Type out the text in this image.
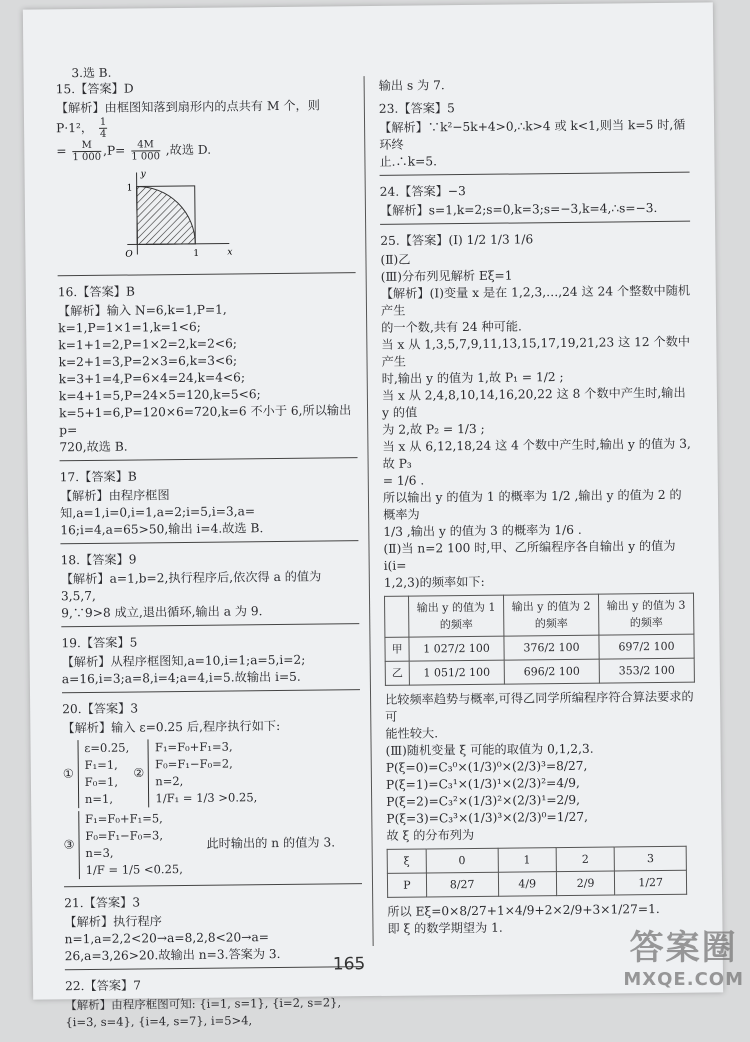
3.选 B.
15.【答案】D

【解析】由框图知落到扇形内的点共有 M 个，则 P·1²， $\frac{1}{4}$

= $\frac{M}{1 000} ,P= \frac{4M}{1 000}$ ,故选 D.

y
x
O
1
1
16.【答案】B

【解析】输入 N=6,k=1,P=1,

k=1,P=1×1=1,k=1<6;

k=1+1=2,P=1×2=2,k=2<6;

k=2+1=3,P=2×3=6,k=3<6;

k=3+1=4,P=6×4=24,k=4<6;

k=4+1=5,P=24×5=120,k=5<6;

k=5+1=6,P=120×6=720,k=6 不小于 6,所以输出 p=

720,故选 B.

17.【答案】B

【解析】由程序框图知,a=1,i=0,i=1,a=2;i=5,i=3,a=

16;i=4,a=65>50,输出 i=4.故选 B.

18.【答案】9

【解析】a=1,b=2,执行程序后,依次得 a 的值为 3,5,7,

9,∵9>8 成立,退出循环,输出 a 为 9.

19.【答案】5

【解析】从程序框图知,a=10,i=1;a=5,i=2;

a=16,i=3;a=8,i=4;a=4,i=5.故输出 i=5.

20.【答案】3

【解析】输入 ε=0.25 后,程序执行如下:

①
ε=0.25,
F₁=1,
F₀=1,
n=1,
②
F₁=F₀+F₁=3,
F₀=F₁−F₀=2,
n=2,
1/F₁ = 1/3 >0.25,
③
F₁=F₀+F₁=5,
F₀=F₁−F₀=3,
n=3,
1/F = 1/5 <0.25,
此时输出的 n 的值为 3.
21.【答案】3

【解析】执行程序 n=1,a=2,2<20→a=8,2,8<20→a=

26,a=3,26>20.故输出 n=3.答案为 3.

22.【答案】7

【解析】由程序框图可知: {i=1, s=1}, {i=2, s=2}, {i=3, s=4}, {i=4, s=7}, i=5>4,

输出 s 为 7.

23.【答案】5

【解析】∵k²−5k+4>0,∴k>4 或 k<1,则当 k=5 时,循环终

止.∴k=5.

24.【答案】−3

【解析】s=1,k=2;s=0,k=3;s=−3,k=4,∴s=−3.

25.【答案】(Ⅰ) 1/2 1/3 1/6

(Ⅱ)乙

(Ⅲ)分布列见解析 Eξ=1

【解析】(Ⅰ)变量 x 是在 1,2,3,…,24 这 24 个整数中随机产生

的一个数,共有 24 种可能.

当 x 从 1,3,5,7,9,11,13,15,17,19,21,23 这 12 个数中产生

时,输出 y 的值为 1,故 P₁ = 1/2 ;

当 x 从 2,4,8,10,14,16,20,22 这 8 个数中产生时,输出 y 的值

为 2,故 P₂ = 1/3 ;

当 x 从 6,12,18,24 这 4 个数中产生时,输出 y 的值为 3,故 P₃

= 1/6 .

所以输出 y 的值为 1 的概率为 1/2 ,输出 y 的值为 2 的概率为

1/3 ,输出 y 的值为 3 的概率为 1/6 .

(Ⅱ)当 n=2 100 时,甲、乙所编程序各自输出 y 的值为 i(i=

1,2,3)的频率如下:

	输出 y 的值为 1 的频率	输出 y 的值为 2 的频率	输出 y 的值为 3 的频率
甲	1 027/2 100	376/2 100	697/2 100
乙	1 051/2 100	696/2 100	353/2 100

比较频率趋势与概率,可得乙同学所编程序符合算法要求的可

能性较大.

(Ⅲ)随机变量 ξ 可能的取值为 0,1,2,3.

P(ξ=0)=C₃⁰×(1/3)⁰×(2/3)³=8/27,

P(ξ=1)=C₃¹×(1/3)¹×(2/3)²=4/9,

P(ξ=2)=C₃²×(1/3)²×(2/3)¹=2/9,

P(ξ=3)=C₃³×(1/3)³×(2/3)⁰=1/27,

故 ξ 的分布列为

ξ	0	1	2	3
P	8/27	4/9	2/9	1/27

所以 Eξ=0×8/27+1×4/9+2×2/9+3×1/27=1.

即 ξ 的数学期望为 1.

165	答案圈
MXQE.COM
